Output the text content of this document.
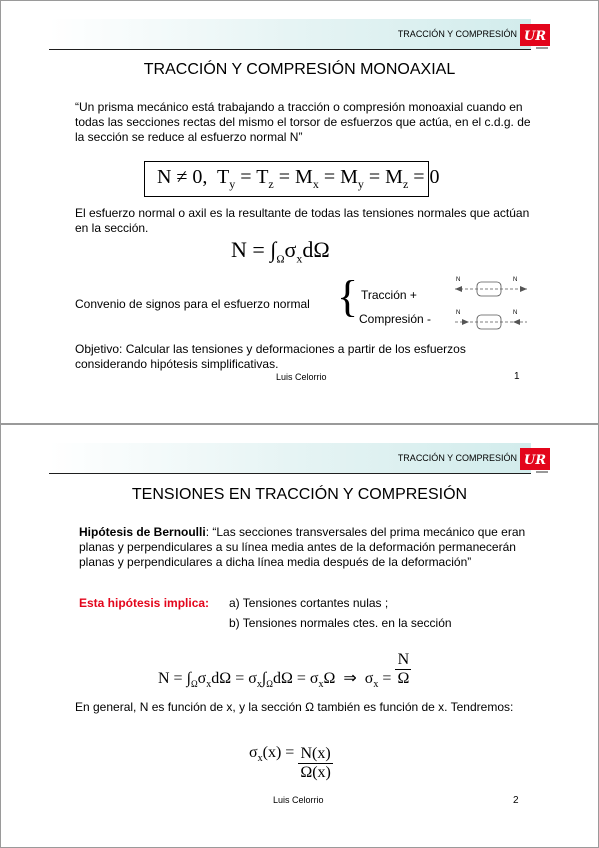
TRACCIÓN Y COMPRESIÓN UR
TRACCIÓN Y COMPRESIÓN MONOAXIAL
“Un prisma mecánico está trabajando a tracción o compresión monoaxial cuando en todas las secciones rectas del mismo el torsor de esfuerzos que actúa, en el c.d.g. de la sección se reduce al esfuerzo normal N”
N ≠ 0,  $T_y = T_z = M_x = M_y = M_z = 0$
El esfuerzo normal o axil es la resultante de todas las tensiones normales que actúan en la sección.
$N = \int_\Omega\sigma_xd\Omega$
Convenio de signos para el esfuerzo normal { Tracción +
Compresión -
N	N
N	N
Objetivo: Calcular las tensiones y deformaciones a partir de los esfuerzos considerando hipótesis simplificativas.
Luis Celorrio	1
TRACCIÓN Y COMPRESIÓN UR
TENSIONES EN TRACCIÓN Y COMPRESIÓN
Hipótesis de Bernoulli: “Las secciones transversales del prima mecánico que eran planas y perpendiculares a su línea media antes de la deformación permanecerán planas y perpendiculares a dicha línea media después de la deformación”
Esta hipótesis implica: a) Tensiones cortantes nulas ;
b) Tensiones normales ctes. en la sección
$N = \int_\Omega\sigma_xd\Omega = \sigma_x\int_\Omega d\Omega = \sigma_x\Omega$  ⇒  $\sigma_x = \frac{N}{\Omega}$
En general, N es función de x, y la sección Ω también es función de x. Tendremos:
$\sigma_x(x) = \frac{N(x)}{\Omega(x)}$
Luis Celorrio	2
